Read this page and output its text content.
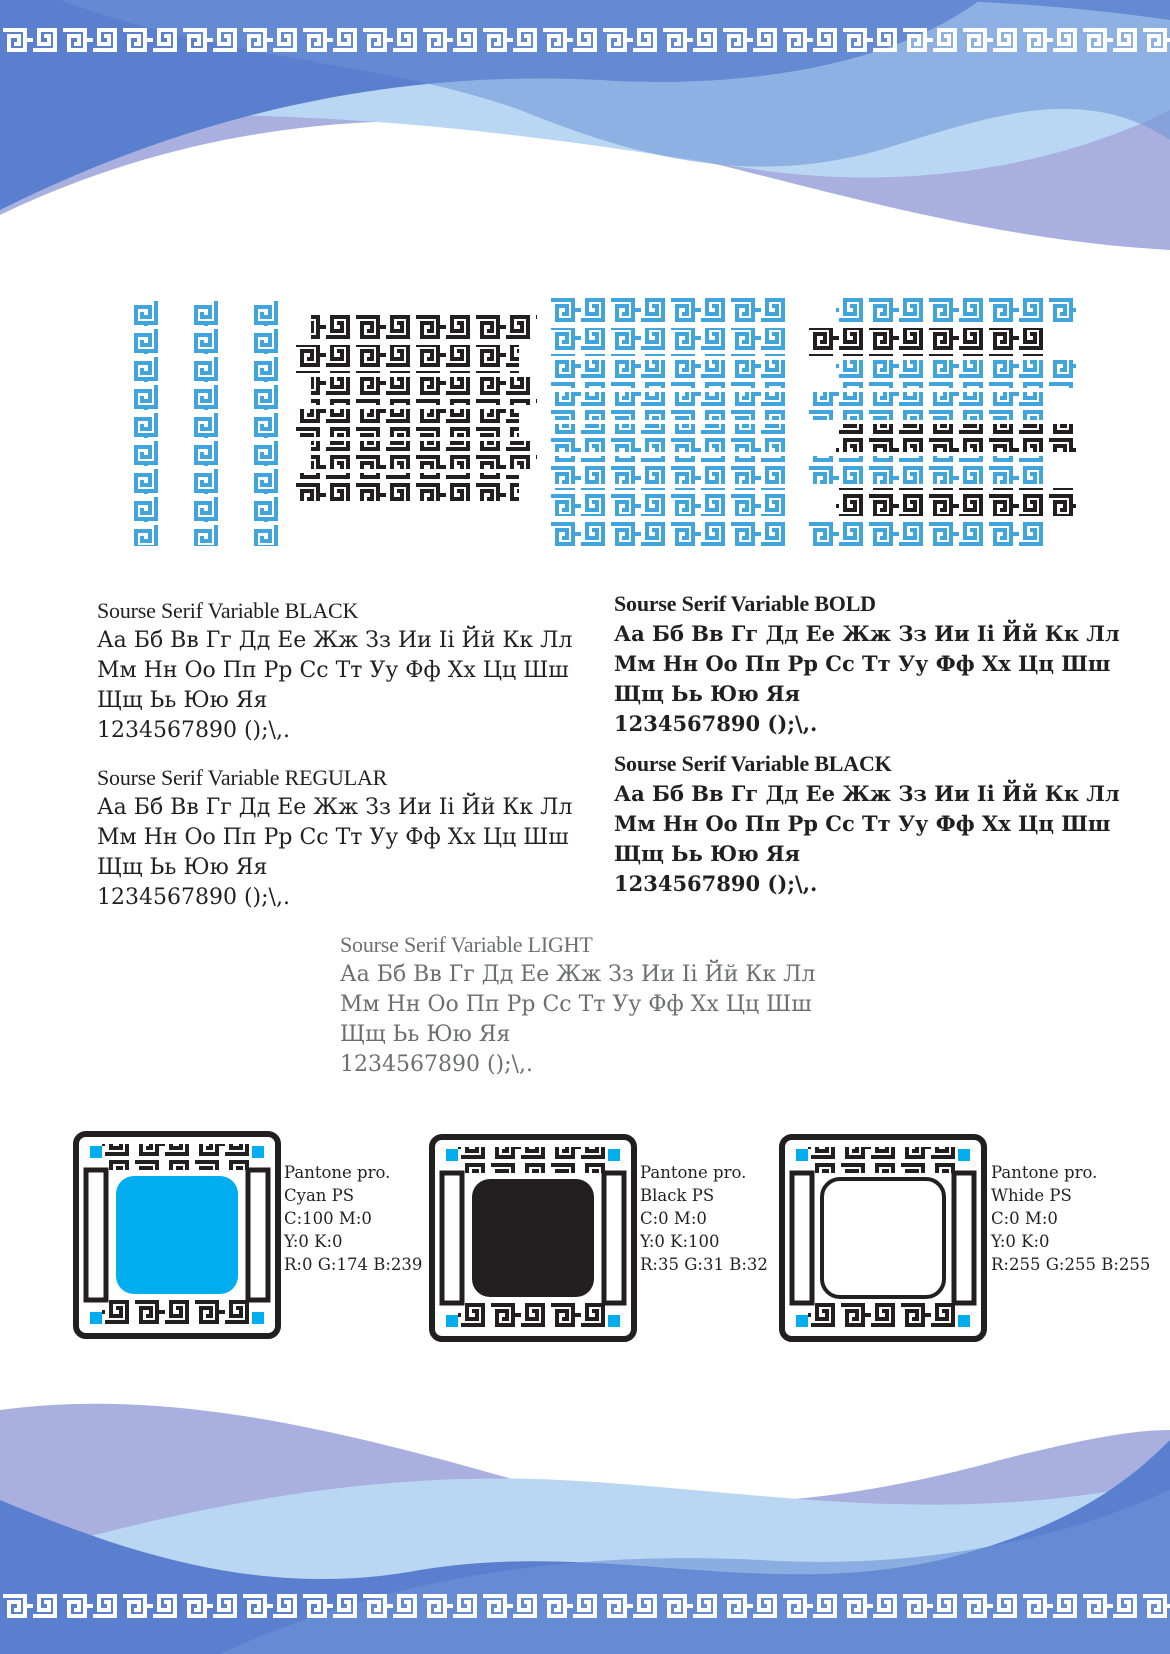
Sourse Serif Variable BLACK
Аа Бб Вв Гг Дд Ее Жж Зз Ии Іі Йй Кк Лл
Мм Нн Оо Пп Рр Сс Тт Уу Фф Хх Цц Шш
Щщ Ьь Юю Яя
1234567890 ();\,.
Sourse Serif Variable REGULAR
Аа Бб Вв Гг Дд Ее Жж Зз Ии Іі Йй Кк Лл
Мм Нн Оо Пп Рр Сс Тт Уу Фф Хх Цц Шш
Щщ Ьь Юю Яя
1234567890 ();\,.
Sourse Serif Variable BOLD
Аа Бб Вв Гг Дд Ее Жж Зз Ии Іі Йй Кк Лл
Мм Нн Оо Пп Рр Сс Тт Уу Фф Хх Цц Шш
Щщ Ьь Юю Яя
1234567890 ();\,.
Sourse Serif Variable BLACK
Аа Бб Вв Гг Дд Ее Жж Зз Ии Іі Йй Кк Лл
Мм Нн Оо Пп Рр Сс Тт Уу Фф Хх Цц Шш
Щщ Ьь Юю Яя
1234567890 ();\,.
Sourse Serif Variable LIGHT
Аа Бб Вв Гг Дд Ее Жж Зз Ии Іі Йй Кк Лл
Мм Нн Оо Пп Рр Сс Тт Уу Фф Хх Цц Шш
Щщ Ьь Юю Яя
1234567890 ();\,.
Pantone pro.
Cyan PS
C:100 M:0
Y:0 K:0
R:0 G:174 B:239
Pantone pro.
Black PS
C:0 M:0
Y:0 K:100
R:35 G:31 B:32
Pantone pro.
Whide PS
C:0 M:0
Y:0 K:0
R:255 G:255 B:255
